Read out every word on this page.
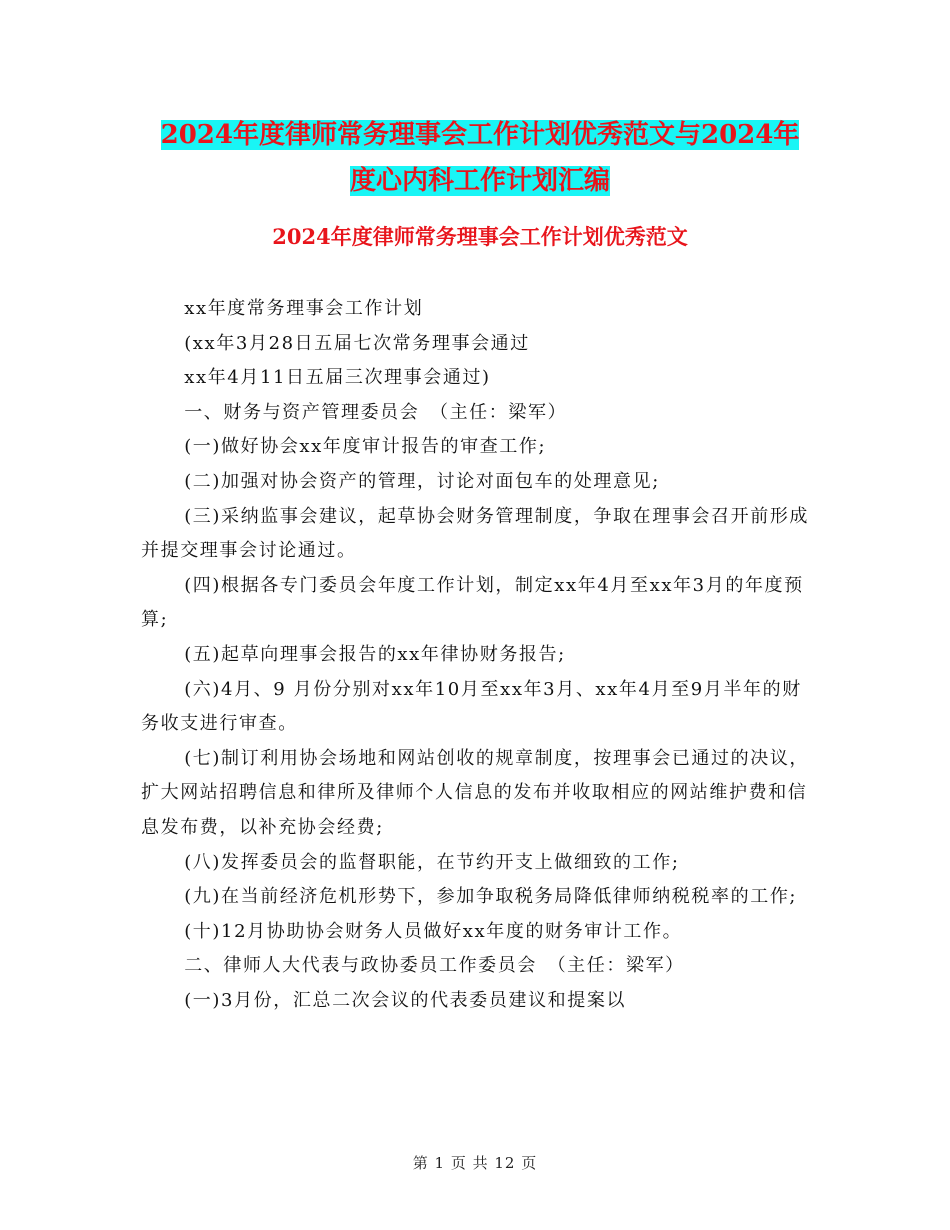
2024年度律师常务理事会工作计划优秀范文与2024年
度心内科工作计划汇编
2024年度律师常务理事会工作计划优秀范文

xx年度常务理事会工作计划

(xx年3月28日五届七次常务理事会通过

xx年4月11日五届三次理事会通过)

一、财务与资产管理委员会　（主任：梁军）

(一)做好协会xx年度审计报告的审查工作;

(二)加强对协会资产的管理，讨论对面包车的处理意见;

(三)采纳监事会建议，起草协会财务管理制度，争取在理事会召开前形成并提交理事会讨论通过。

(四)根据各专门委员会年度工作计划，制定xx年4月至xx年3月的年度预算;

(五)起草向理事会报告的xx年律协财务报告;

(六)4月、9 月份分别对xx年10月至xx年3月、xx年4月至9月半年的财务收支进行审查。

(七)制订利用协会场地和网站创收的规章制度，按理事会已通过的决议，扩大网站招聘信息和律所及律师个人信息的发布并收取相应的网站维护费和信息发布费，以补充协会经费;

(八)发挥委员会的监督职能，在节约开支上做细致的工作;

(九)在当前经济危机形势下，参加争取税务局降低律师纳税税率的工作;

(十)12月协助协会财务人员做好xx年度的财务审计工作。

二、律师人大代表与政协委员工作委员会　（主任：梁军）

(一)3月份，汇总二次会议的代表委员建议和提案以

第 1 页 共 12 页
